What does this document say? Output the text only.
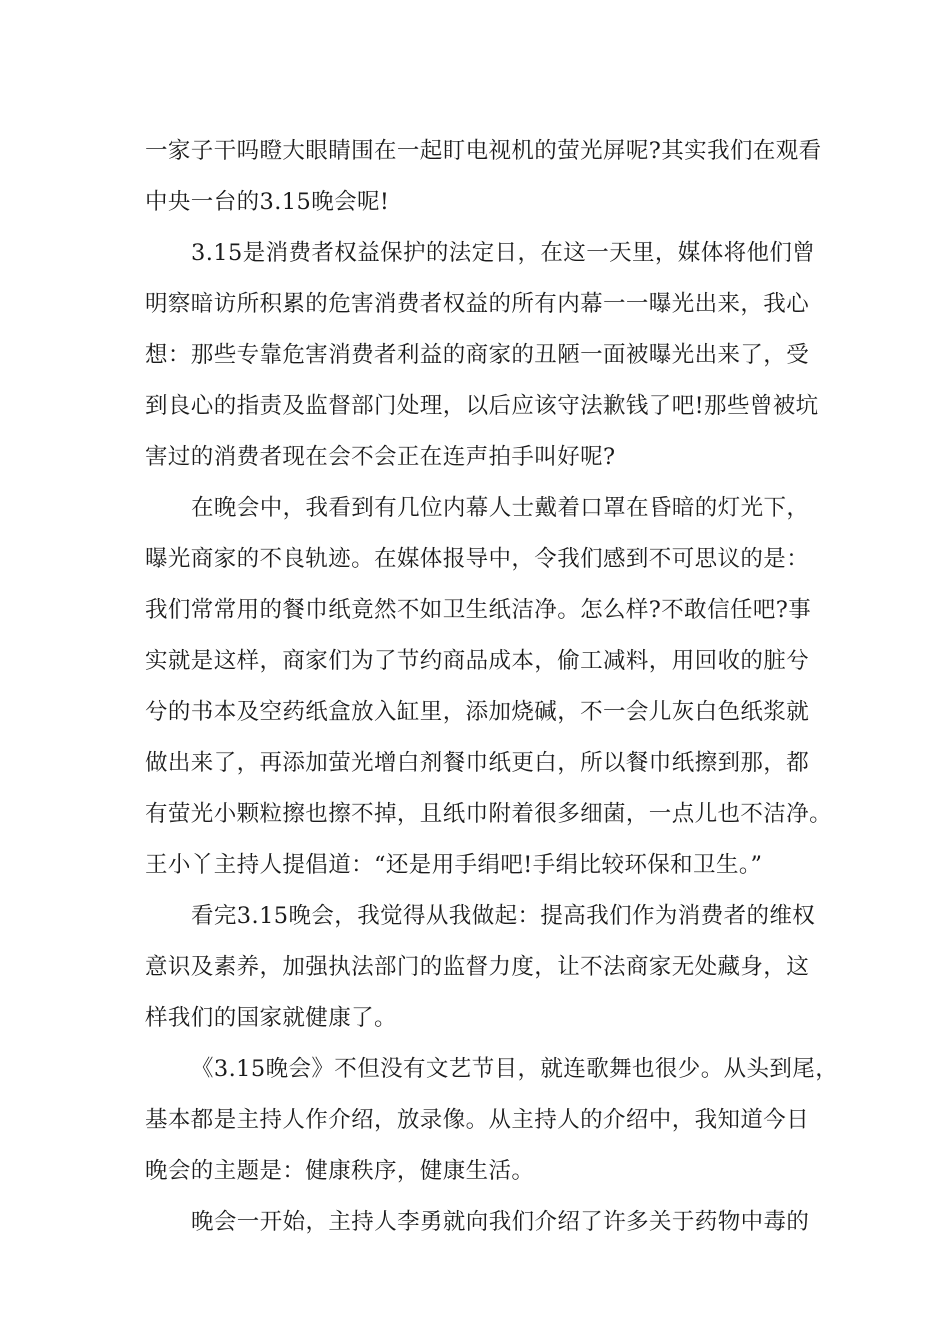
一家子干吗瞪大眼睛围在一起盯电视机的萤光屏呢?其实我们在观看
中央一台的3.15晚会呢!
3.15是消费者权益保护的法定日，在这一天里，媒体将他们曾
明察暗访所积累的危害消费者权益的所有内幕一一曝光出来，我心
想：那些专靠危害消费者利益的商家的丑陋一面被曝光出来了，受
到良心的指责及监督部门处理，以后应该守法歉钱了吧!那些曾被坑
害过的消费者现在会不会正在连声拍手叫好呢?
在晚会中，我看到有几位内幕人士戴着口罩在昏暗的灯光下，
曝光商家的不良轨迹。在媒体报导中，令我们感到不可思议的是：
我们常常用的餐巾纸竟然不如卫生纸洁净。怎么样?不敢信任吧?事
实就是这样，商家们为了节约商品成本，偷工减料，用回收的脏兮
兮的书本及空药纸盒放入缸里，添加烧碱，不一会儿灰白色纸浆就
做出来了，再添加萤光增白剂餐巾纸更白，所以餐巾纸擦到那，都
有萤光小颗粒擦也擦不掉，且纸巾附着很多细菌，一点儿也不洁净。
王小丫主持人提倡道：“还是用手绢吧!手绢比较环保和卫生。”
看完3.15晚会，我觉得从我做起：提高我们作为消费者的维权
意识及素养，加强执法部门的监督力度，让不法商家无处藏身，这
样我们的国家就健康了。
《3.15晚会》不但没有文艺节目，就连歌舞也很少。从头到尾，
基本都是主持人作介绍，放录像。从主持人的介绍中，我知道今日
晚会的主题是：健康秩序，健康生活。
晚会一开始，主持人李勇就向我们介绍了许多关于药物中毒的
